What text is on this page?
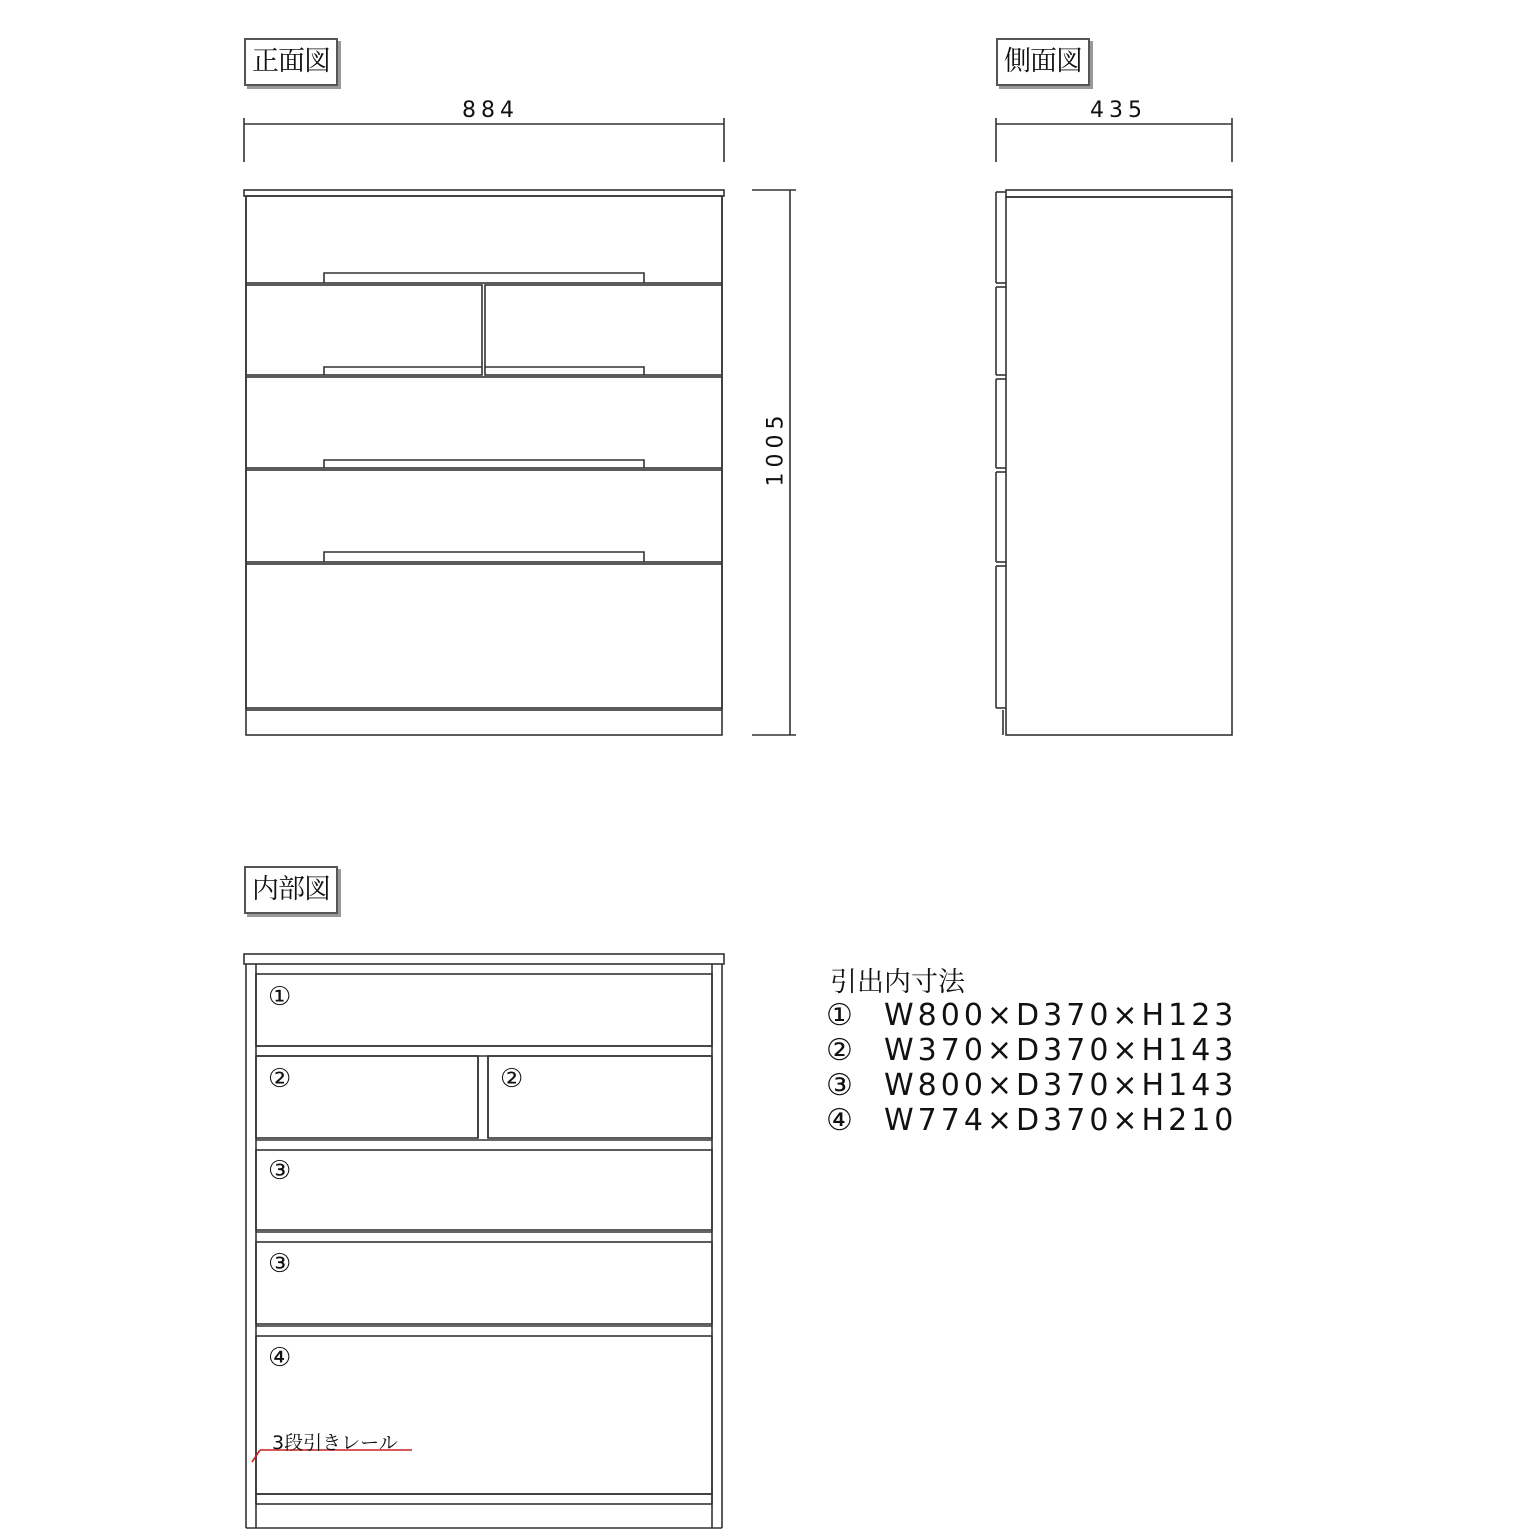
正面図	側面図
内部図
884	435
1005
①
②	②
③
③
④
3段引きレール
引出内寸法
① W800×D370×H123
② W370×D370×H143
③ W800×D370×H143
④ W774×D370×H210
